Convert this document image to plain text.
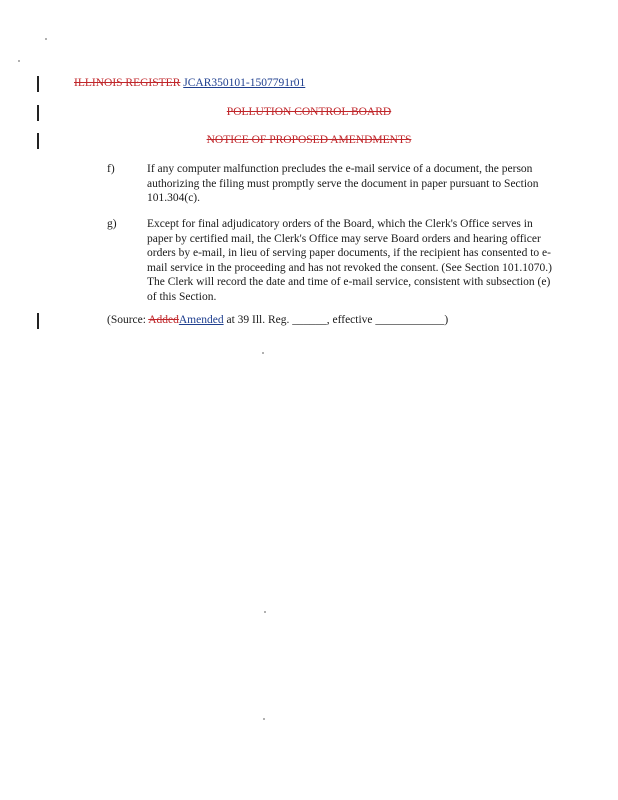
ILLINOIS REGISTER JCAR350101-1507791r01
POLLUTION CONTROL BOARD
NOTICE OF PROPOSED AMENDMENTS
f)	If any computer malfunction precludes the e-mail service of a document, the person authorizing the filing must promptly serve the document in paper pursuant to Section 101.304(c).
g)	Except for final adjudicatory orders of the Board, which the Clerk's Office serves in paper by certified mail, the Clerk's Office may serve Board orders and hearing officer orders by e-mail, in lieu of serving paper documents, if the recipient has consented to e-mail service in the proceeding and has not revoked the consent. (See Section 101.1070.) The Clerk will record the date and time of e-mail service, consistent with subsection (e) of this Section.
(Source: AddedAmended at 39 Ill. Reg. ______, effective ____________)
